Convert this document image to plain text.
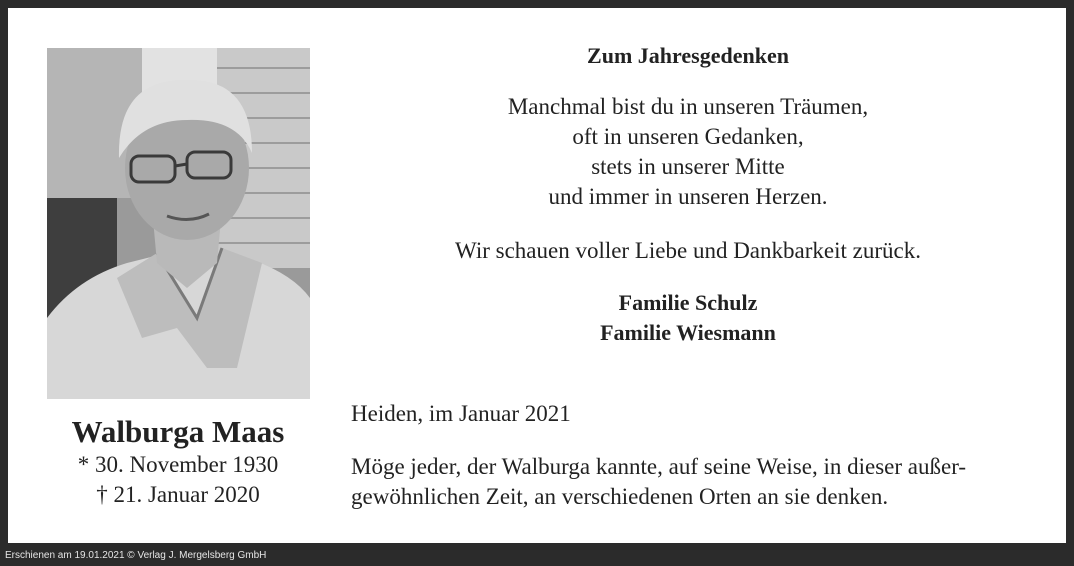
Walburga Maas
* 30. November 1930
† 21. Januar 2020
Zum Jahresgedenken
Manchmal bist du in unseren Träumen,
oft in unseren Gedanken,
stets in unserer Mitte
und immer in unseren Herzen.
Wir schauen voller Liebe und Dankbarkeit zurück.
Familie Schulz
Familie Wiesmann
Heiden, im Januar 2021
Möge jeder, der Walburga kannte, auf seine Weise, in dieser außer-
gewöhnlichen Zeit, an verschiedenen Orten an sie denken.
Erschienen am 19.01.2021 © Verlag J. Mergelsberg GmbH
